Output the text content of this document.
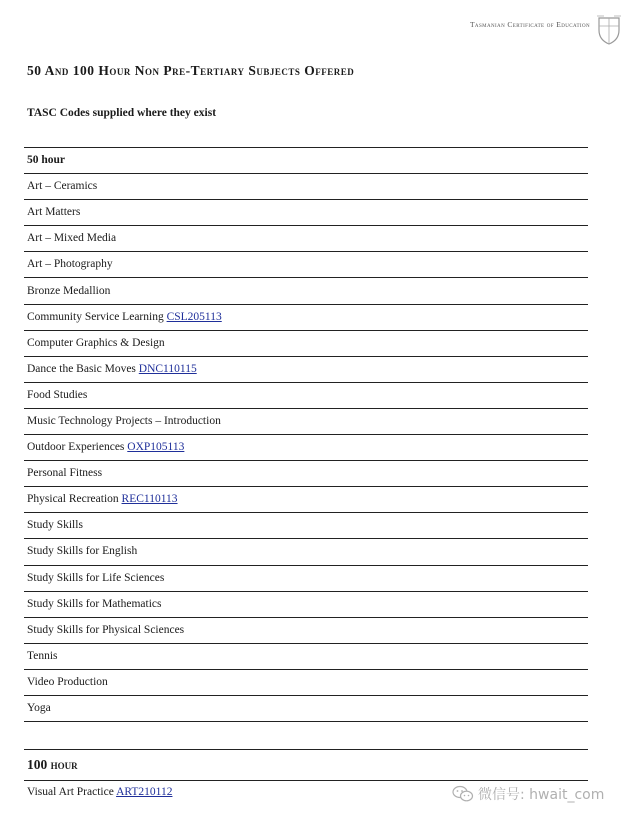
Tasmanian Certificate of Education
50 And 100 Hour Non Pre-Tertiary Subjects Offered

TASC Codes supplied where they exist

50 hour
Art – Ceramics
Art Matters
Art – Mixed Media
Art – Photography
Bronze Medallion
Community Service Learning CSL205113
Computer Graphics & Design
Dance the Basic Moves DNC110115
Food Studies
Music Technology Projects – Introduction
Outdoor Experiences OXP105113
Personal Fitness
Physical Recreation REC110113
Study Skills
Study Skills for English
Study Skills for Life Sciences
Study Skills for Mathematics
Study Skills for Physical Sciences
Tennis
Video Production
Yoga
100 hour
Visual Art Practice ART210112	微信号: hwait_com
